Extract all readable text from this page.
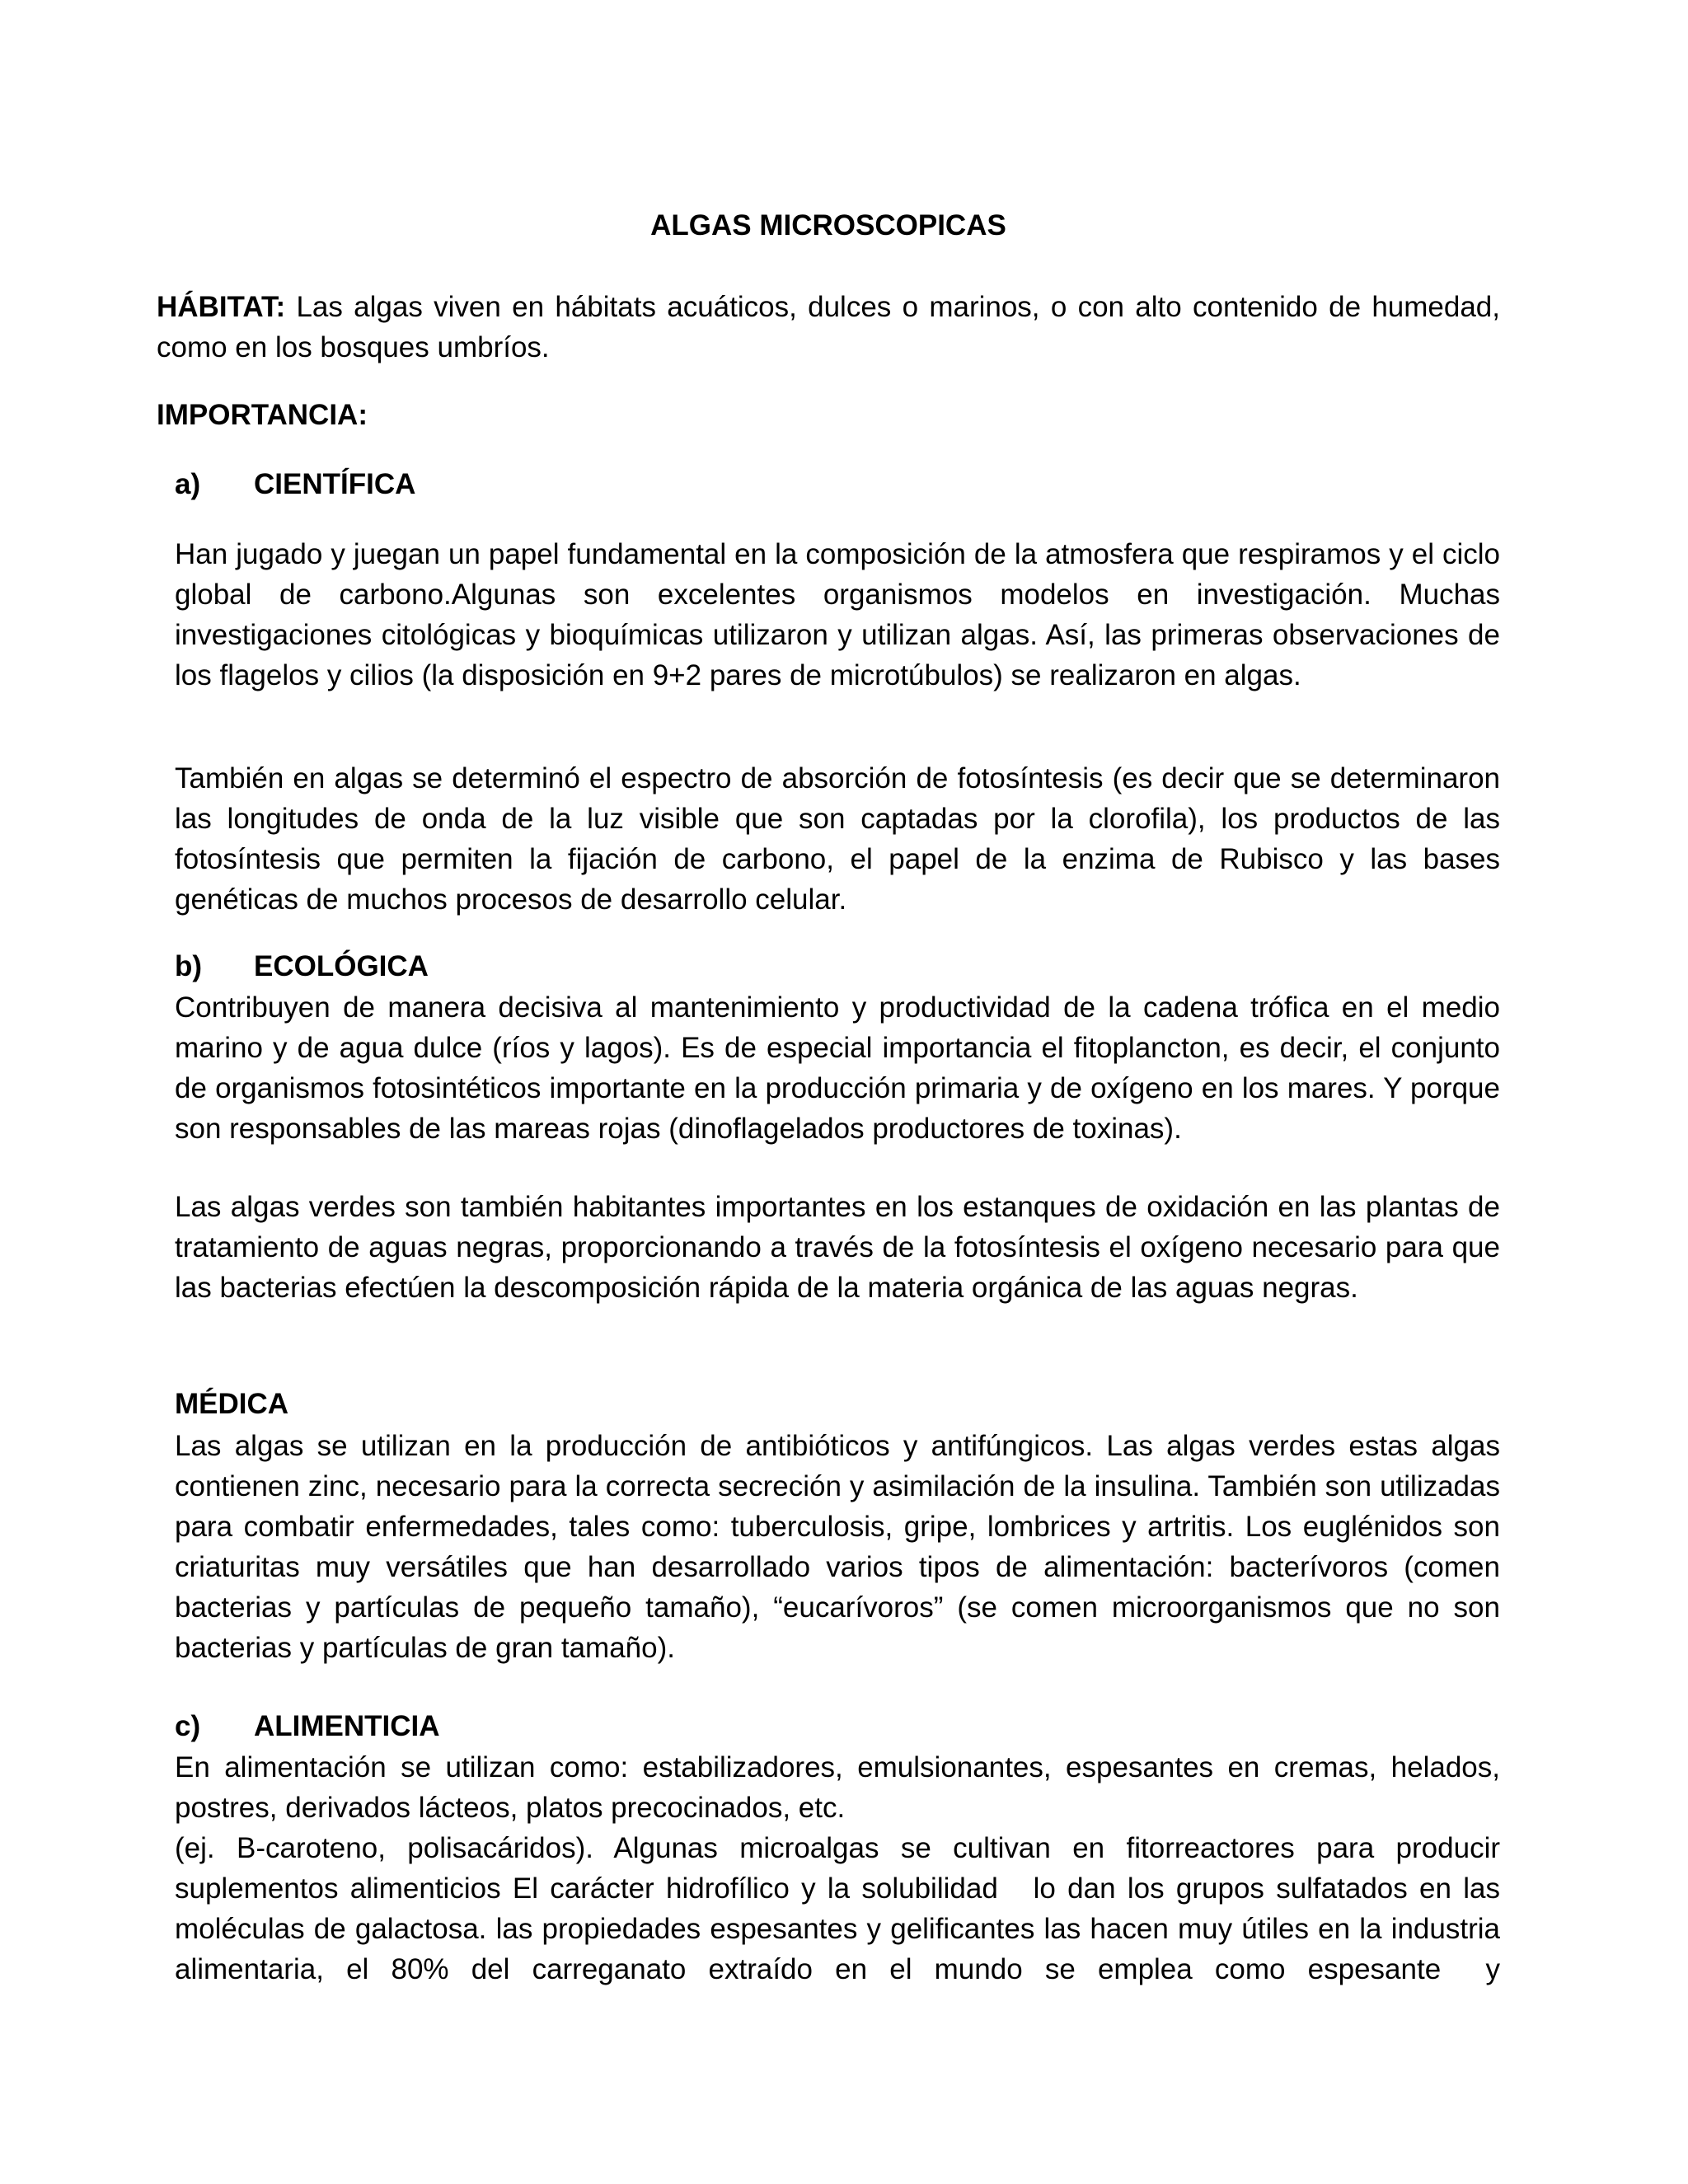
ALGAS MICROSCOPICAS

HÁBITAT: Las algas viven en hábitats acuáticos, dulces o marinos, o con alto contenido de humedad, como en los bosques umbríos.

IMPORTANCIA:
a) CIENTÍFICA

Han jugado y juegan un papel fundamental en la composición de la atmosfera que respiramos y el ciclo global de carbono.Algunas son excelentes organismos modelos en investigación. Muchas investigaciones citológicas y bioquímicas utilizaron y utilizan algas. Así, las primeras observaciones de los flagelos y cilios (la disposición en 9+2 pares de microtúbulos) se realizaron en algas.

También en algas se determinó el espectro de absorción de fotosíntesis (es decir que se determinaron las longitudes de onda de la luz visible que son captadas por la clorofila), los productos de las fotosíntesis que permiten la fijación de carbono, el papel de la enzima de Rubisco y las bases genéticas de muchos procesos de desarrollo celular.

b) ECOLÓGICA

Contribuyen de manera decisiva al mantenimiento y productividad de la cadena trófica en el medio marino y de agua dulce (ríos y lagos). Es de especial importancia el fitoplancton, es decir, el conjunto de organismos fotosintéticos importante en la producción primaria y de oxígeno en los mares. Y porque son responsables de las mareas rojas (dinoflagelados productores de toxinas).

Las algas verdes son también habitantes importantes en los estanques de oxidación en las plantas de tratamiento de aguas negras, proporcionando a través de la fotosíntesis el oxígeno necesario para que las bacterias efectúen la descomposición rápida de la materia orgánica de las aguas negras.

MÉDICA

Las algas se utilizan en la producción de antibióticos y antifúngicos. Las algas verdes estas algas contienen zinc, necesario para la correcta secreción y asimilación de la insulina. También son utilizadas para combatir enfermedades, tales como: tuberculosis, gripe, lombrices y artritis. Los euglénidos son criaturitas muy versátiles que han desarrollado varios tipos de alimentación: bacterívoros (comen bacterias y partículas de pequeño tamaño), “eucarívoros” (se comen microorganismos que no son bacterias y partículas de gran tamaño).

c) ALIMENTICIA

En alimentación se utilizan como: estabilizadores, emulsionantes, espesantes en cremas, helados, postres, derivados lácteos, platos precocinados, etc.

(ej. B-caroteno, polisacáridos). Algunas microalgas se cultivan en fitorreactores para producir suplementos alimenticios El carácter hidrofílico y la solubilidad   lo dan los grupos sulfatados en las moléculas de galactosa. las propiedades espesantes y gelificantes las hacen muy útiles en la industria alimentaria, el 80% del carreganato extraído en el mundo se emplea como espesante  y
